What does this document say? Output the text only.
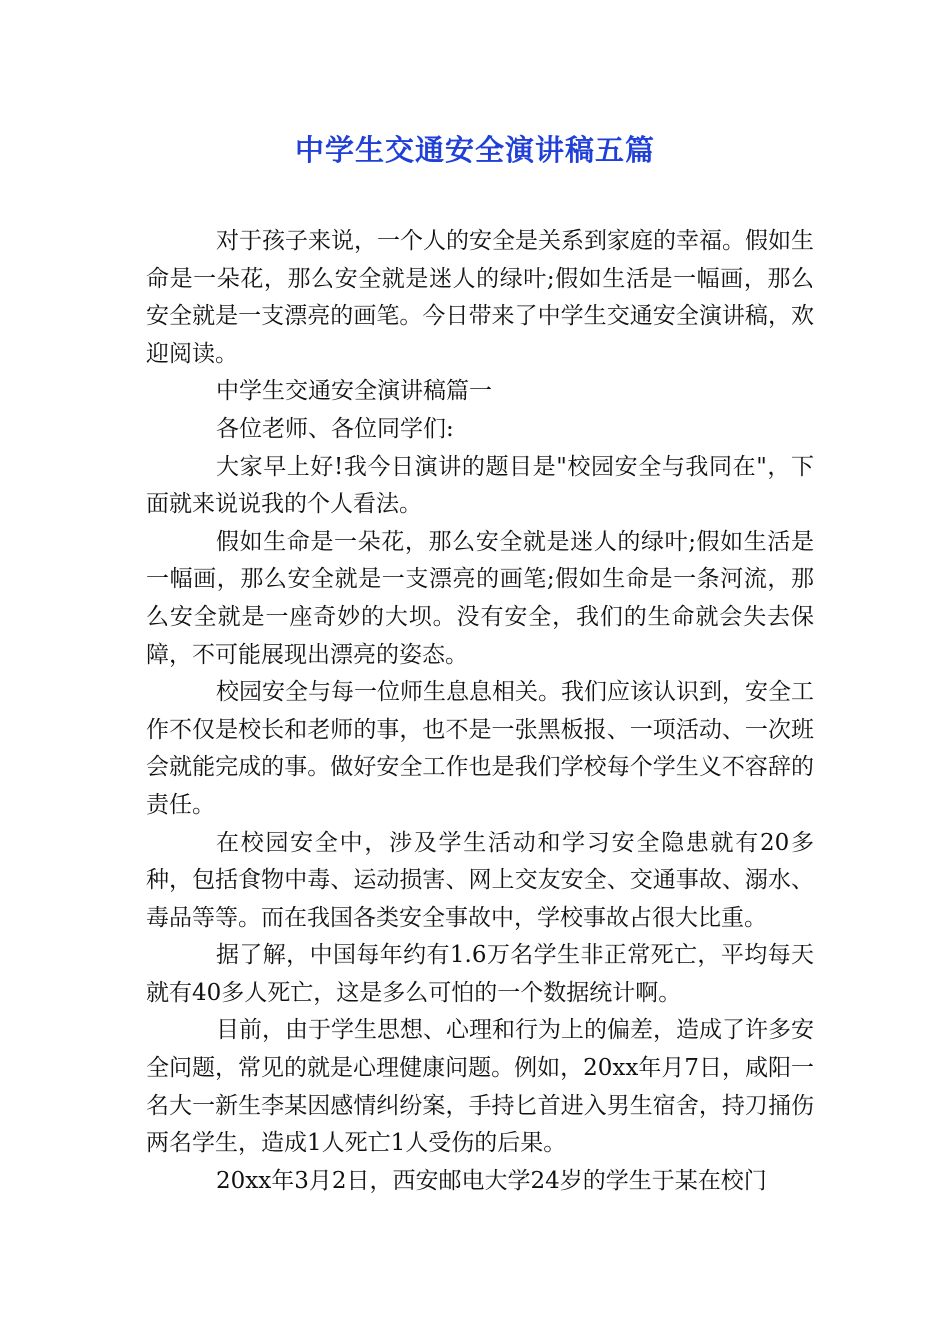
中学生交通安全演讲稿五篇

对于孩子来说，一个人的安全是关系到家庭的幸福。假如生命是一朵花，那么安全就是迷人的绿叶;假如生活是一幅画，那么安全就是一支漂亮的画笔。今日带来了中学生交通安全演讲稿，欢迎阅读。

中学生交通安全演讲稿篇一

各位老师、各位同学们:

大家早上好!我今日演讲的题目是"校园安全与我同在"，下面就来说说我的个人看法。

假如生命是一朵花，那么安全就是迷人的绿叶;假如生活是一幅画，那么安全就是一支漂亮的画笔;假如生命是一条河流，那么安全就是一座奇妙的大坝。没有安全，我们的生命就会失去保障，不可能展现出漂亮的姿态。

校园安全与每一位师生息息相关。我们应该认识到，安全工作不仅是校长和老师的事，也不是一张黑板报、一项活动、一次班会就能完成的事。做好安全工作也是我们学校每个学生义不容辞的责任。

在校园安全中，涉及学生活动和学习安全隐患就有20多种，包括食物中毒、运动损害、网上交友安全、交通事故、溺水、毒品等等。而在我国各类安全事故中，学校事故占很大比重。

据了解，中国每年约有1.6万名学生非正常死亡，平均每天就有40多人死亡，这是多么可怕的一个数据统计啊。

目前，由于学生思想、心理和行为上的偏差，造成了许多安全问题，常见的就是心理健康问题。例如，20xx年月7日，咸阳一名大一新生李某因感情纠纷案，手持匕首进入男生宿舍，持刀捅伤两名学生，造成1人死亡1人受伤的后果。

20xx年3月2日，西安邮电大学24岁的学生于某在校门
